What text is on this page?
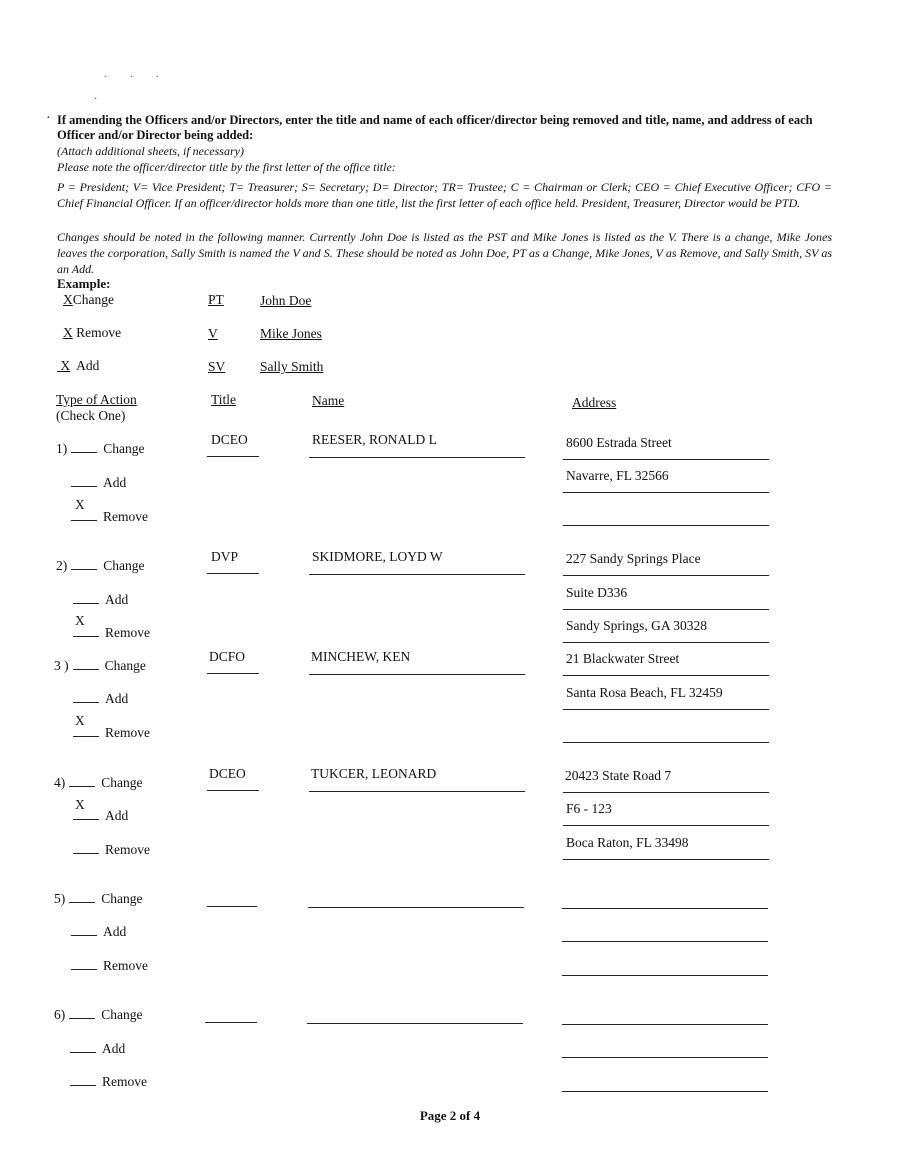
· · ·
·
· If amending the Officers and/or Directors, enter the title and name of each officer/director being removed and title, name, and address of each Officer and/or Director being added:
(Attach additional sheets, if necessary)
Please note the officer/director title by the first letter of the office title:
P = President; V= Vice President; T= Treasurer; S= Secretary; D= Director; TR= Trustee; C = Chairman or Clerk; CEO = Chief Executive Officer; CFO = Chief Financial Officer. If an officer/director holds more than one title, list the first letter of each office held. President, Treasurer, Director would be PTD.
Changes should be noted in the following manner. Currently John Doe is listed as the PST and Mike Jones is listed as the V. There is a change, Mike Jones leaves the corporation, Sally Smith is named the V and S. These should be noted as John Doe, PT as a Change, Mike Jones, V as Remove, and Sally Smith, SV as an Add.
Example:
XChange	PT	John Doe
X Remove	V	Mike Jones
X Add	SV	Sally Smith
Type of Action
(Check One)
Title	Name	Address
1)	Change
Add
X
Remove
DCEO	REESER, RONALD L	8600 Estrada Street
Navarre, FL 32566
2)	Change
Add
X
Remove
DVP	SKIDMORE, LOYD W	227 Sandy Springs Place
Suite D336
Sandy Springs, GA 30328
3 )	Change
Add
X
Remove
DCFO	MINCHEW, KEN	21 Blackwater Street
Santa Rosa Beach, FL 32459
4)	Change
X
Add
Remove
DCEO	TUKCER, LEONARD	20423 State Road 7
F6 - 123
Boca Raton, FL 33498
5)	Change
Add
Remove
6)	Change
Add
Remove
Page 2 of 4
